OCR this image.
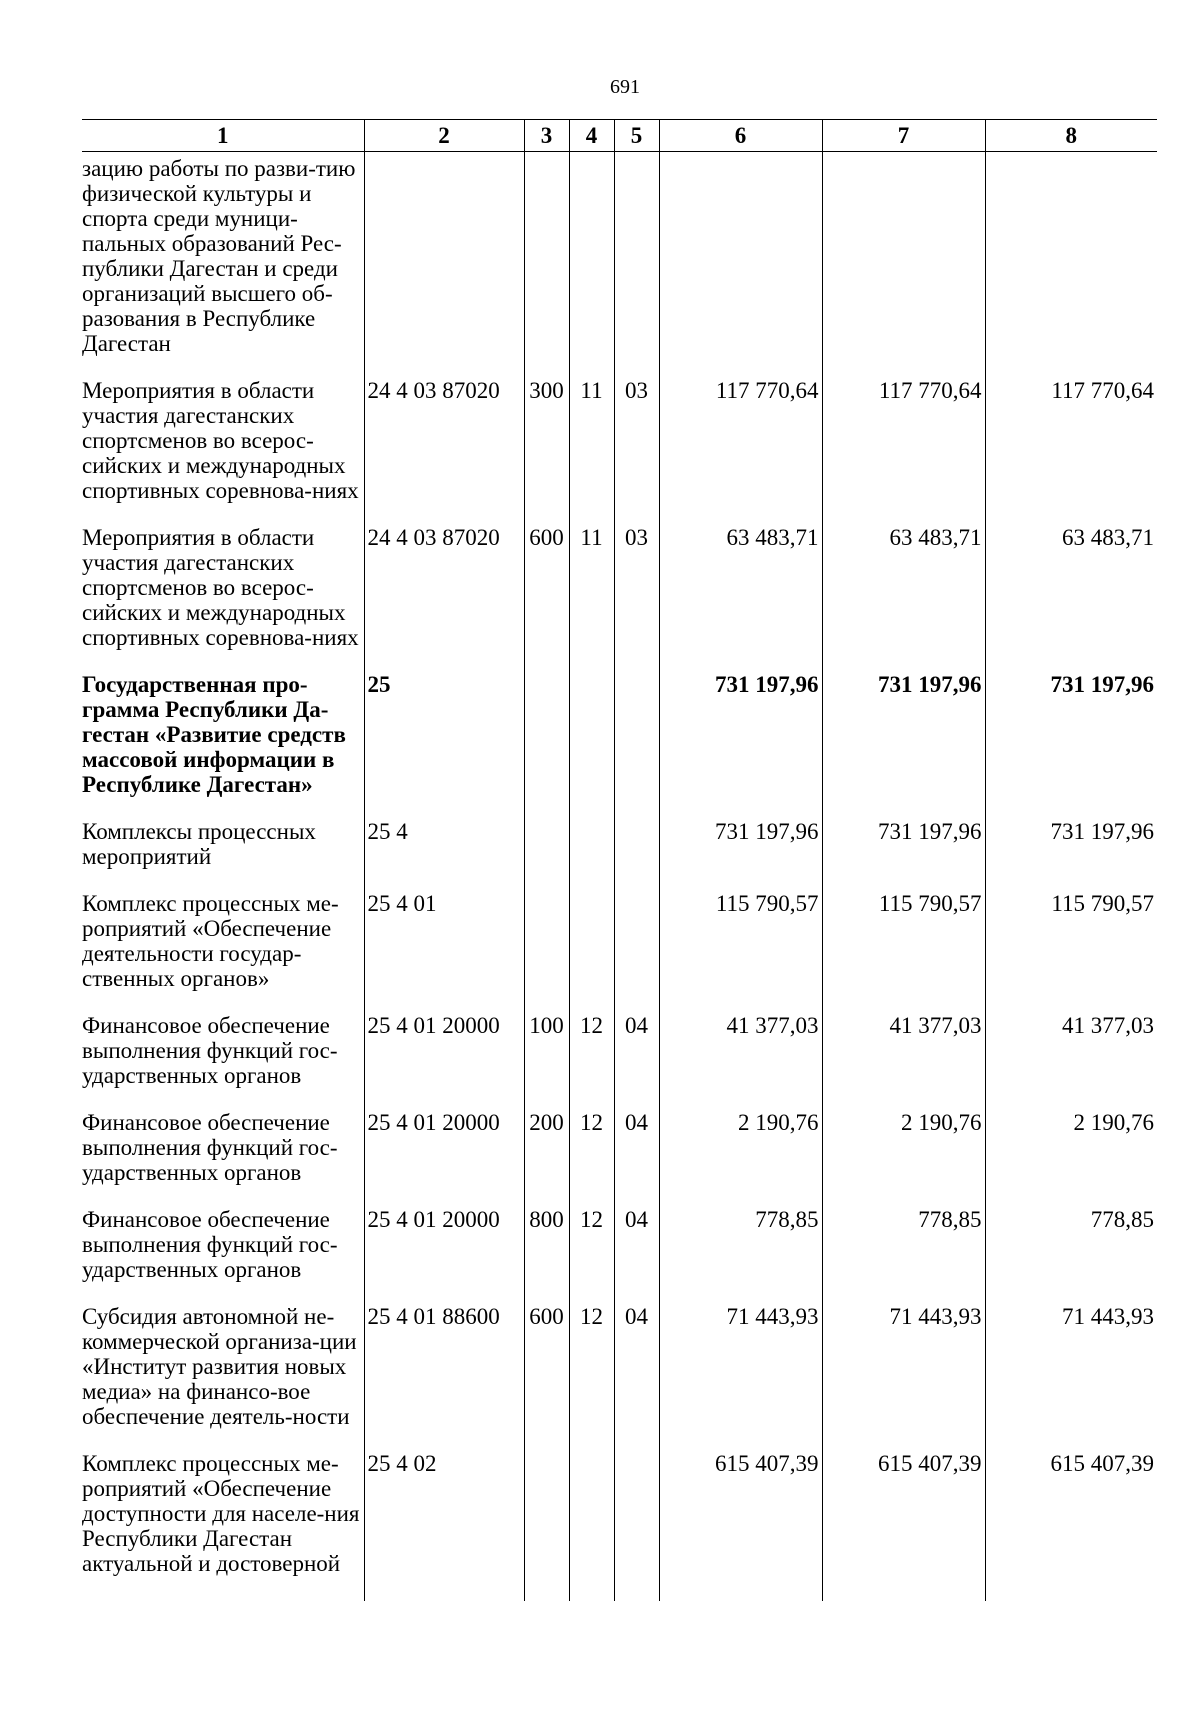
691
1	2	3	4	5	6	7	8
зацию работы по разви-тию физической культуры и спорта среди муници-пальных образований Рес-публики Дагестан и среди организаций высшего об-разования в Республике Дагестан							
Мероприятия в области участия дагестанских спортсменов во всерос-сийских и международных спортивных соревнова-ниях	24 4 03 87020	300	11	03	117 770,64	117 770,64	117 770,64
Мероприятия в области участия дагестанских спортсменов во всерос-сийских и международных спортивных соревнова-ниях	24 4 03 87020	600	11	03	63 483,71	63 483,71	63 483,71
Государственная про-грамма Республики Да-гестан «Развитие средств массовой информации в Республике Дагестан»	25				731 197,96	731 197,96	731 197,96
Комплексы процессных мероприятий	25 4				731 197,96	731 197,96	731 197,96
Комплекс процессных ме-роприятий «Обеспечение деятельности государ-ственных органов»	25 4 01				115 790,57	115 790,57	115 790,57
Финансовое обеспечение выполнения функций гос-ударственных органов	25 4 01 20000	100	12	04	41 377,03	41 377,03	41 377,03
Финансовое обеспечение выполнения функций гос-ударственных органов	25 4 01 20000	200	12	04	2 190,76	2 190,76	2 190,76
Финансовое обеспечение выполнения функций гос-ударственных органов	25 4 01 20000	800	12	04	778,85	778,85	778,85
Субсидия автономной не-коммерческой организа-ции «Институт развития новых медиа» на финансо-вое обеспечение деятель-ности	25 4 01 88600	600	12	04	71 443,93	71 443,93	71 443,93
Комплекс процессных ме-роприятий «Обеспечение доступности для населе-ния Республики Дагестан актуальной и достоверной	25 4 02				615 407,39	615 407,39	615 407,39
